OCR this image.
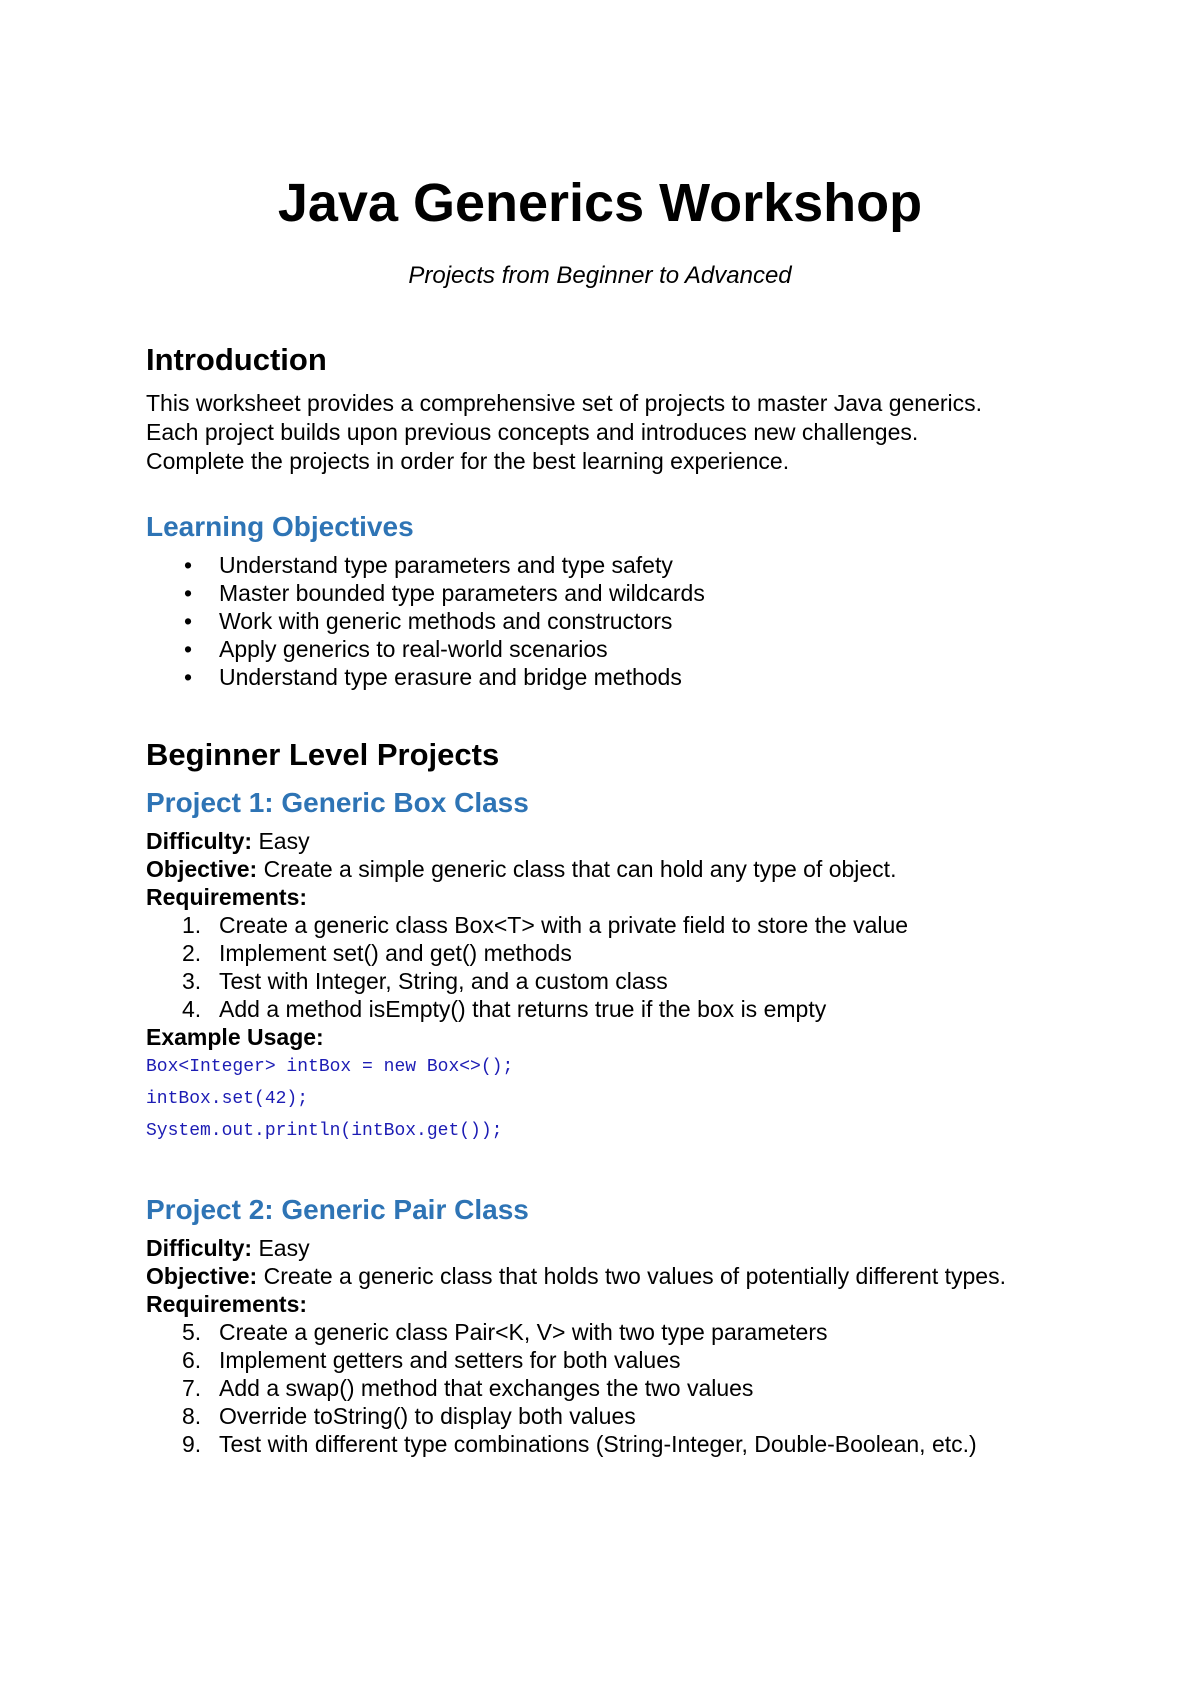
Java Generics Workshop
Projects from Beginner to Advanced
Introduction

This worksheet provides a comprehensive set of projects to master Java generics.

Each project builds upon previous concepts and introduces new challenges.

Complete the projects in order for the best learning experience.

Learning Objectives
• Understand type parameters and type safety
• Master bounded type parameters and wildcards
• Work with generic methods and constructors
• Apply generics to real-world scenarios
• Understand type erasure and bridge methods
Beginner Level Projects
Project 1: Generic Box Class
Difficulty: Easy
Objective: Create a simple generic class that can hold any type of object.
Requirements:
1. Create a generic class Box<T> with a private field to store the value
2. Implement set() and get() methods
3. Test with Integer, String, and a custom class
4. Add a method isEmpty() that returns true if the box is empty
Example Usage:
Box<Integer> intBox = new Box<>();
intBox.set(42);
System.out.println(intBox.get());
Project 2: Generic Pair Class
Difficulty: Easy
Objective: Create a generic class that holds two values of potentially different types.
Requirements:
5. Create a generic class Pair<K, V> with two type parameters
6. Implement getters and setters for both values
7. Add a swap() method that exchanges the two values
8. Override toString() to display both values
9. Test with different type combinations (String-Integer, Double-Boolean, etc.)
